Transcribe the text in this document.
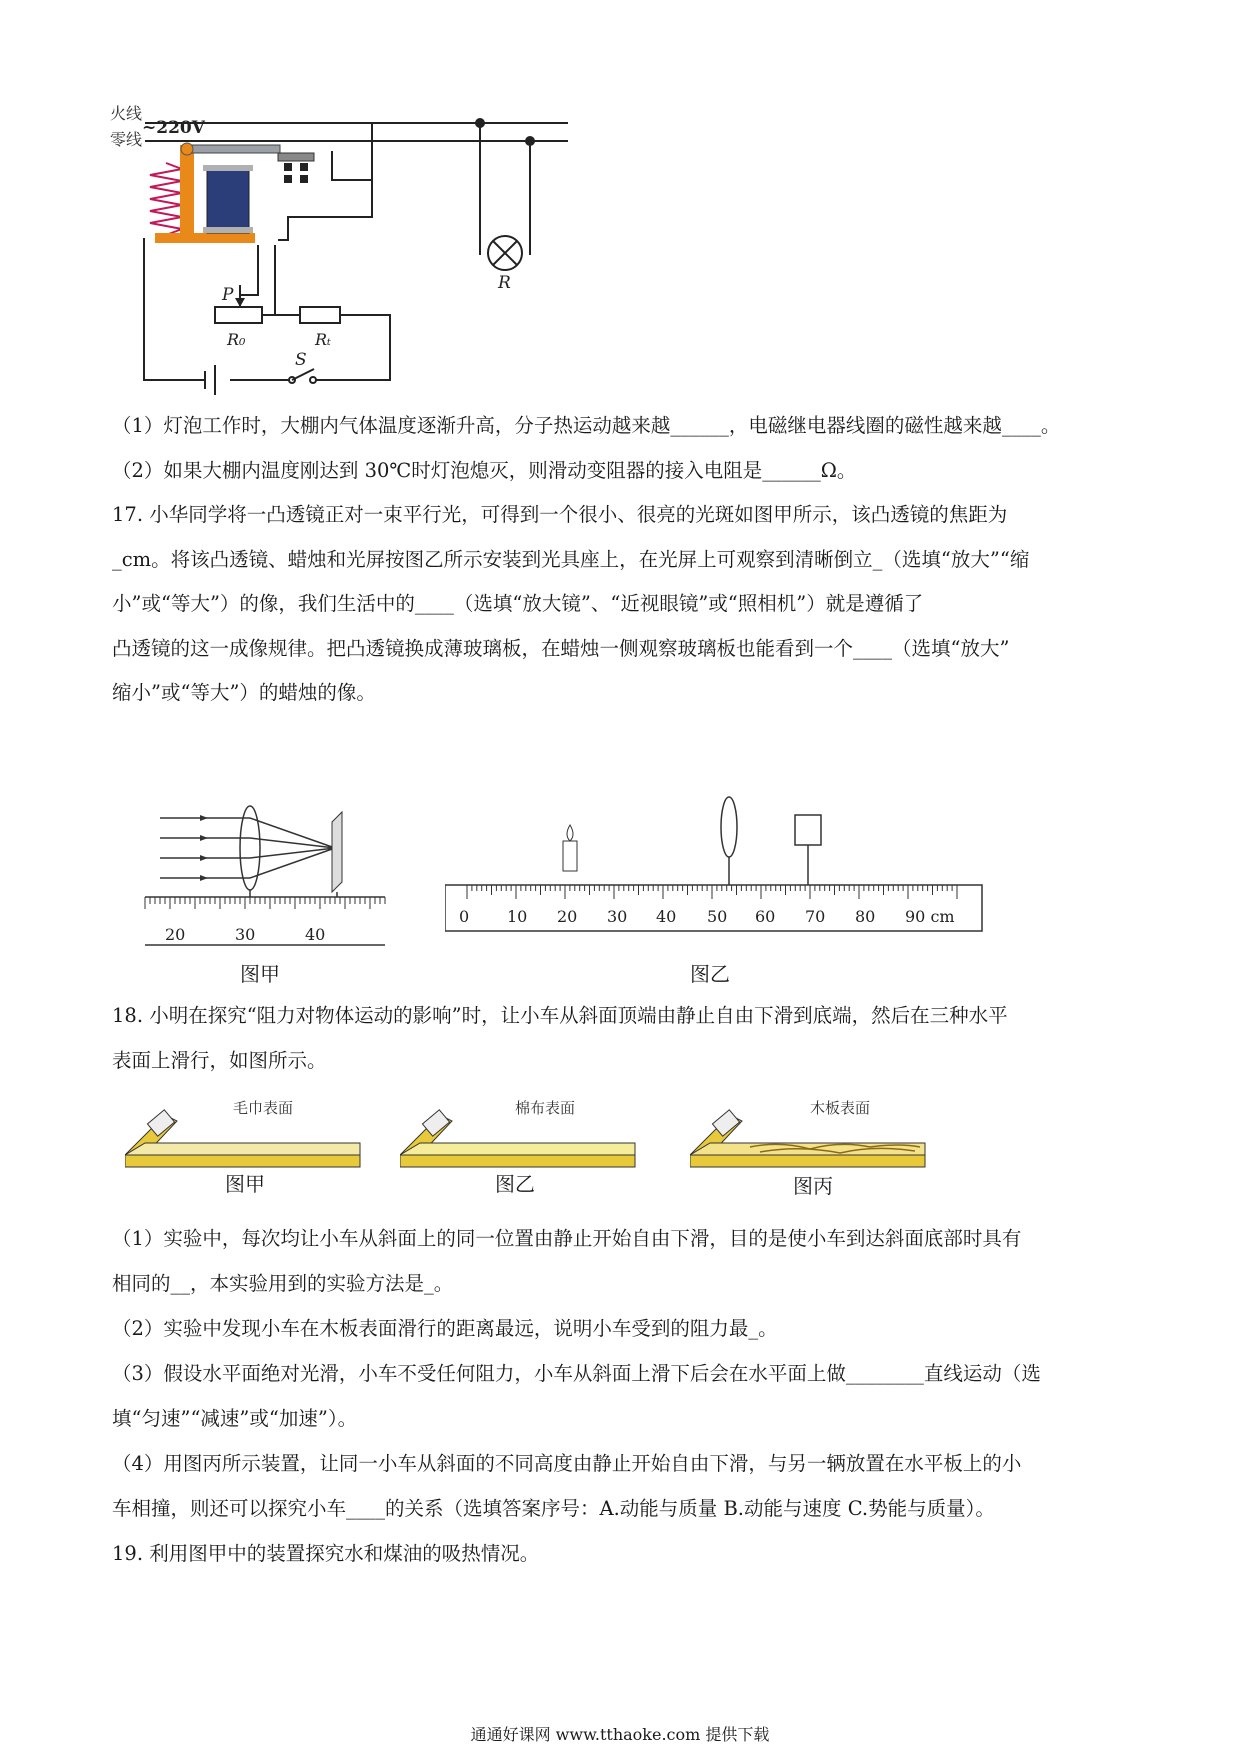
火线
零线
~220V
R
P
R₀	Rₜ
S
（1）灯泡工作时，大棚内气体温度逐渐升高，分子热运动越来越______，电磁继电器线圈的磁性越来越____。
（2）如果大棚内温度刚达到 30℃时灯泡熄灭，则滑动变阻器的接入电阻是______Ω。
17. 小华同学将一凸透镜正对一束平行光，可得到一个很小、很亮的光斑如图甲所示，该凸透镜的焦距为
_cm。将该凸透镜、蜡烛和光屏按图乙所示安装到光具座上，在光屏上可观察到清晰倒立_（选填“放大”“缩
小”或“等大”）的像，我们生活中的____（选填“放大镜”、“近视眼镜”或“照相机”）就是遵循了
凸透镜的这一成像规律。把凸透镜换成薄玻璃板，在蜡烛一侧观察玻璃板也能看到一个____（选填“放大”
缩小”或“等大”）的蜡烛的像。
20	30	40
图甲
0 10 20 30 40 50 60 70 80 90 cm
图乙
18. 小明在探究“阻力对物体运动的影响”时，让小车从斜面顶端由静止自由下滑到底端，然后在三种水平
表面上滑行，如图所示。
毛巾表面
图甲
棉布表面
图乙
木板表面
图丙
（1）实验中，每次均让小车从斜面上的同一位置由静止开始自由下滑，目的是使小车到达斜面底部时具有
相同的__，本实验用到的实验方法是_。
（2）实验中发现小车在木板表面滑行的距离最远，说明小车受到的阻力最_。
（3）假设水平面绝对光滑，小车不受任何阻力，小车从斜面上滑下后会在水平面上做________直线运动（选
填“匀速”“减速”或“加速”）。
（4）用图丙所示装置，让同一小车从斜面的不同高度由静止开始自由下滑，与另一辆放置在水平板上的小
车相撞，则还可以探究小车____的关系（选填答案序号：A.动能与质量 B.动能与速度 C.势能与质量）。
19. 利用图甲中的装置探究水和煤油的吸热情况。
通通好课网 www.tthaoke.com 提供下载
